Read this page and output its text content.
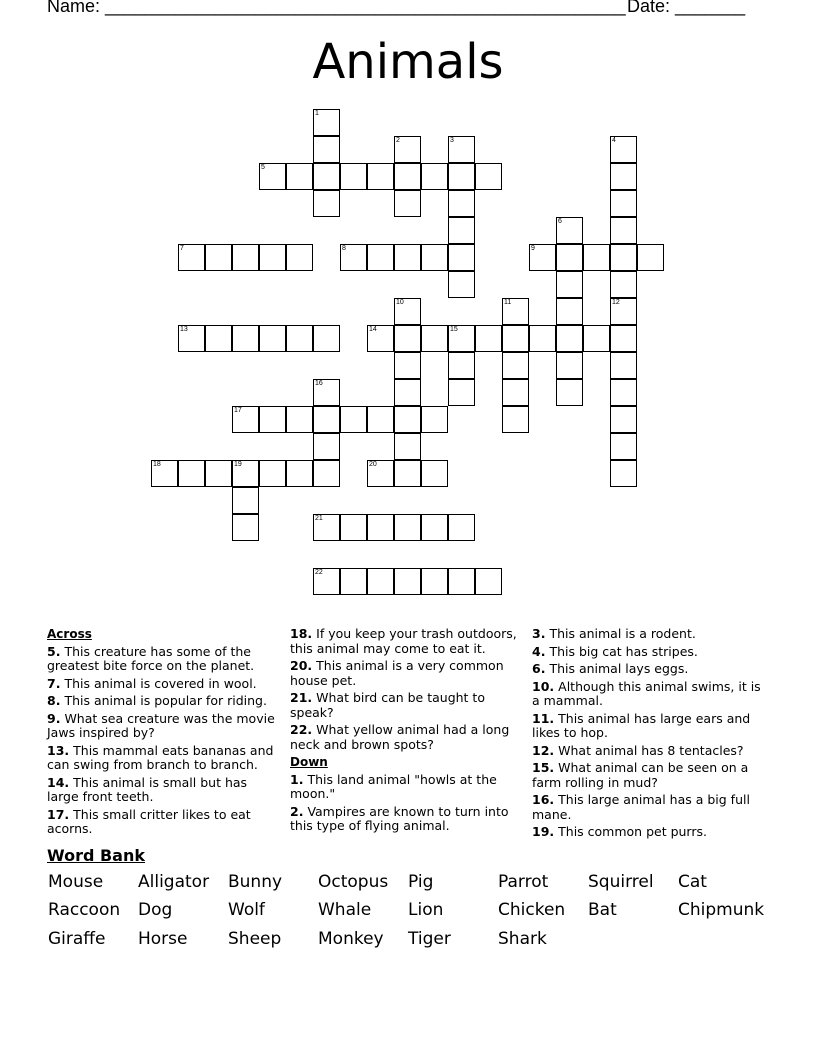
Name: ____________________________________________________ Date: _______
Animals
5
7	8	9
13	14	15
17
18	19	20
21
22
1
2	3	4
6
10	11	12
16
Across
5. This creature has some of the greatest bite force on the planet.
7. This animal is covered in wool.
8. This animal is popular for riding.
9. What sea creature was the movie Jaws inspired by?
13. This mammal eats bananas and can swing from branch to branch.
14. This animal is small but has large front teeth.
17. This small critter likes to eat acorns.
18. If you keep your trash outdoors, this animal may come to eat it.
20. This animal is a very common house pet.
21. What bird can be taught to speak?
22. What yellow animal had a long neck and brown spots?
Down
1. This land animal "howls at the moon."
2. Vampires are known to turn into this type of flying animal.
3. This animal is a rodent.
4. This big cat has stripes.
6. This animal lays eggs.
10. Although this animal swims, it is a mammal.
11. This animal has large ears and likes to hop.
12. What animal has 8 tentacles?
15. What animal can be seen on a farm rolling in mud?
16. This large animal has a big full mane.
19. This common pet purrs.
Word Bank
Mouse Alligator Bunny Octopus Pig	Parrot Squirrel Cat
Raccoon Dog	Wolf	Whale Lion	Chicken Bat	Chipmunk
Giraffe Horse Sheep Monkey Tiger	Shark
